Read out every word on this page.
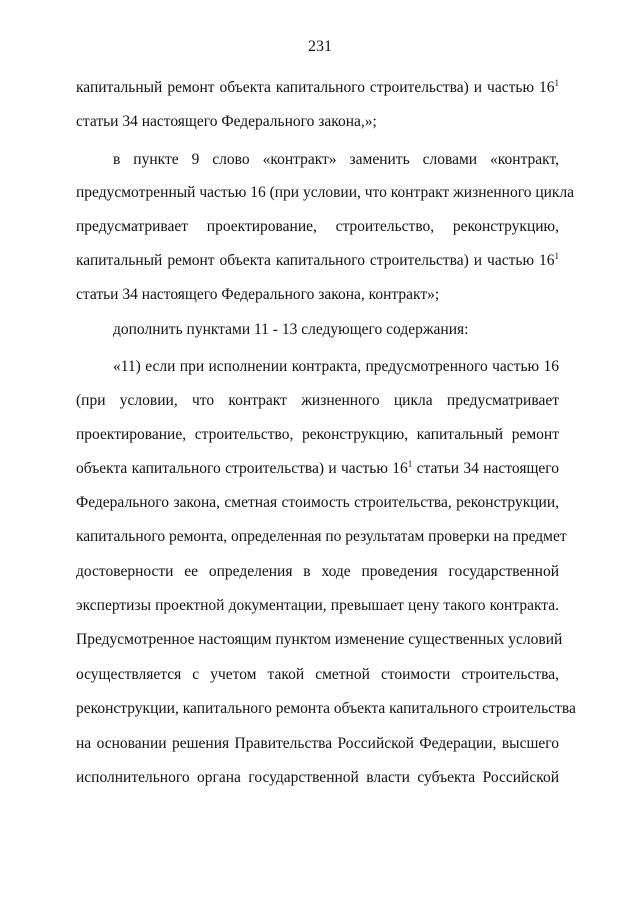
231
капитальный ремонт объекта капитального строительства) и частью $16^1$
статьи 34 настоящего Федерального закона,»;
в пункте 9 слово «контракт» заменить словами «контракт,
предусмотренный частью 16 (при условии, что контракт жизненного цикла
предусматривает проектирование, строительство, реконструкцию,
капитальный ремонт объекта капитального строительства) и частью $16^1$
статьи 34 настоящего Федерального закона, контракт»;
дополнить пунктами 11 - 13 следующего содержания:
«11) если при исполнении контракта, предусмотренного частью 16
(при условии, что контракт жизненного цикла предусматривает
проектирование, строительство, реконструкцию, капитальный ремонт
объекта капитального строительства) и частью $16^1$ статьи 34 настоящего
Федерального закона, сметная стоимость строительства, реконструкции,
капитального ремонта, определенная по результатам проверки на предмет
достоверности ее определения в ходе проведения государственной
экспертизы проектной документации, превышает цену такого контракта.
Предусмотренное настоящим пунктом изменение существенных условий
осуществляется с учетом такой сметной стоимости строительства,
реконструкции, капитального ремонта объекта капитального строительства
на основании решения Правительства Российской Федерации, высшего
исполнительного органа государственной власти субъекта Российской
